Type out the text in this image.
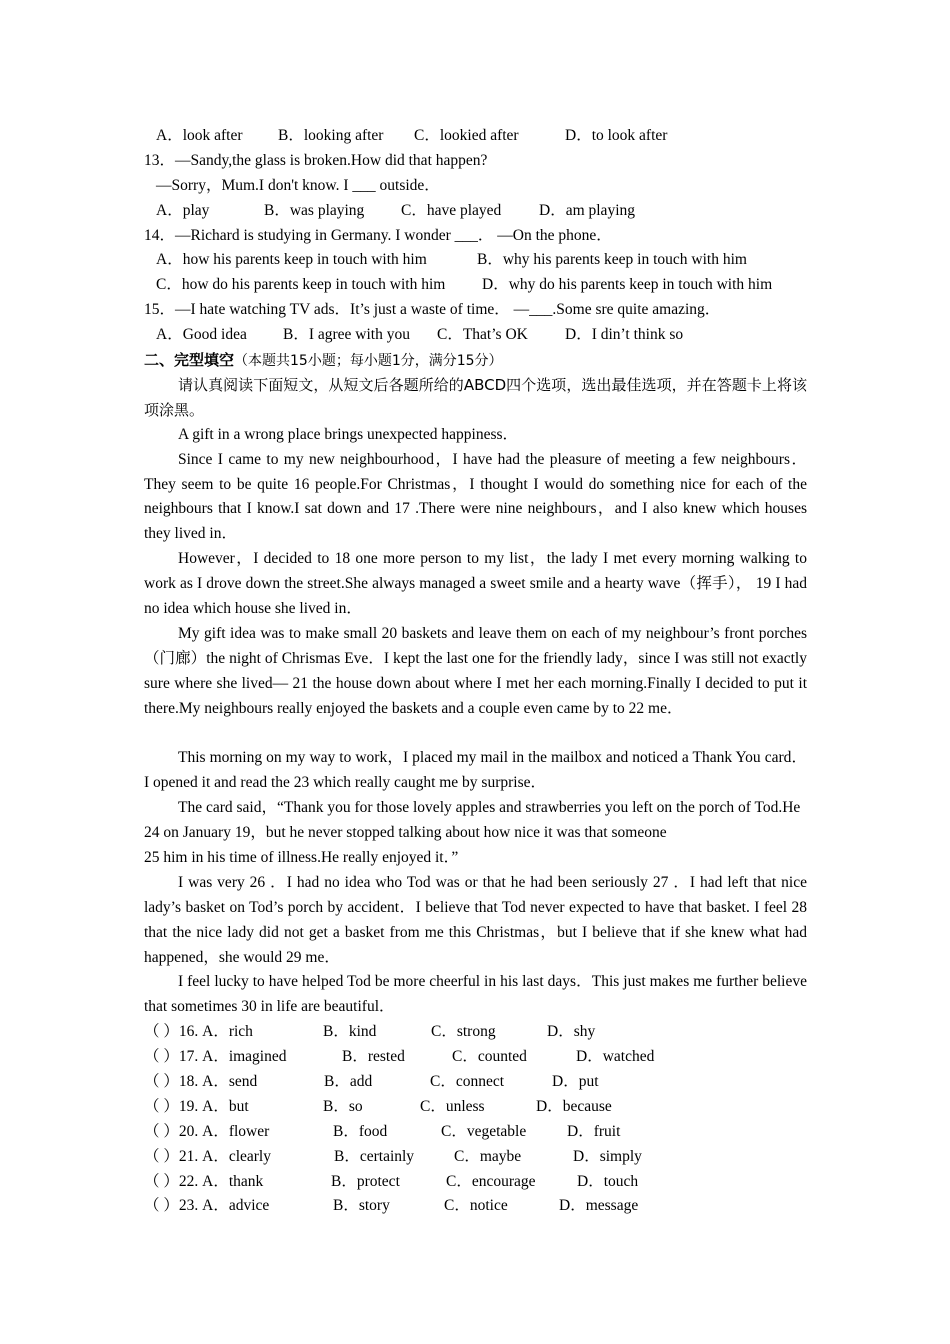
A．look after B．looking after C．lookied after	D．to look after
13．—Sandy,the glass is broken.How did that happen?
—Sorry，Mum.I don't know. I ___ outside．
A．play	B．was playing C．have played D．am playing
14．—Richard is studying in Germany. I wonder ___． —On the phone．
A．how his parents keep in touch with him	B．why his parents keep in touch with him
C．how do his parents keep in touch with him D．why do his parents keep in touch with him
15．—I hate watching TV ads．It’s just a waste of time． —___.Some sre quite amazing．
A．Good idea B．I agree with you C．That’s OK D．I din’t think so
二、完型填空（本题共15小题；每小题1分，满分15分）

请认真阅读下面短文，从短文后各题所给的ABCD四个选项，选出最佳选项，并在答题卡上将该项涂黑。

A gift in a wrong place brings unexpected happiness．

Since I came to my new neighbourhood，I have had the pleasure of meeting a few neighbours．They seem to be quite 16 people.For Christmas，I thought I would do something nice for each of the neighbours that I know.I sat down and 17 .There were nine neighbours，and I also knew which houses they lived in．

However，I decided to 18 one more person to my list，the lady I met every morning walking to work as I drove down the street.She always managed a sweet smile and a hearty wave（挥手）， 19 I had no idea which house she lived in．

My gift idea was to make small 20 baskets and leave them on each of my neighbour’s front porches（门廊）the night of Chrismas Eve．I kept the last one for the friendly lady，since I was still not exactly sure where she lived— 21 the house down about where I met her each morning.Finally I decided to put it there.My neighbours really enjoyed the baskets and a couple even came by to 22 me．

This morning on my way to work，I placed my mail in the mailbox and noticed a Thank You card．I opened it and read the 23 which really caught me by surprise．

The card said，“Thank you for those lovely apples and strawberries you left on the porch of Tod.He 24 on January 19，but he never stopped talking about how nice it was that someone

25 him in his time of illness.He really enjoyed it．”

I was very 26 ．I had no idea who Tod was or that he had been seriously 27 ．I had left that nice lady’s basket on Tod’s porch by accident．I believe that Tod never expected to have that basket. I feel 28 that the nice lady did not get a basket from me this Christmas，but I believe that if she knew what had happened，she would 29 me．

I feel lucky to have helped Tod be more cheerful in his last days．This just makes me further believe that sometimes 30 in life are beautiful．

（ ）16. A．rich	B．kind	C．strong	D．shy
（ ）17. A．imagined	B．rested	C．counted	D．watched
（ ）18. A．send	B．add	C．connect	D．put
（ ）19. A．but	B．so	C．unless	D．because
（ ）20. A．flower	B．food	C．vegetable	D．fruit
（ ）21. A．clearly	B．certainly	C．maybe	D．simply
（ ）22. A．thank	B．protect	C．encourage	D．touch
（ ）23. A．advice	B．story	C．notice	D．message
